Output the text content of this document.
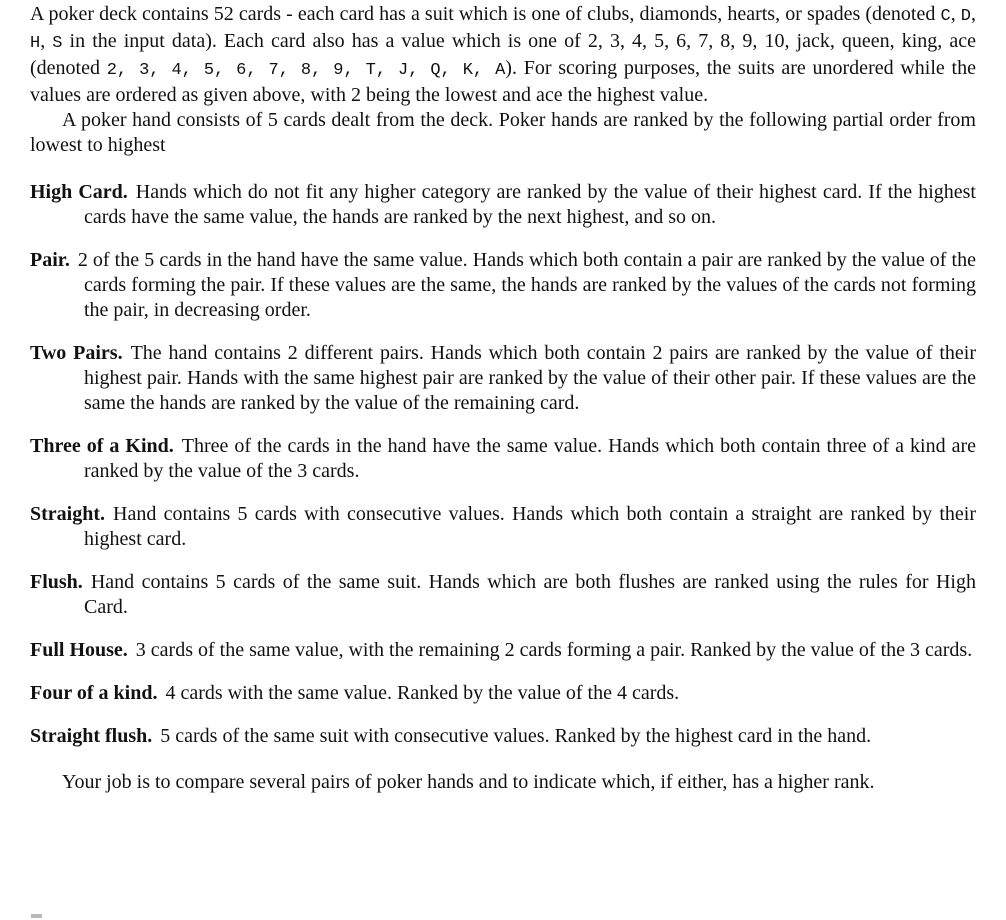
A poker deck contains 52 cards - each card has a suit which is one of clubs, diamonds, hearts, or spades (denoted C, D, H, S in the input data). Each card also has a value which is one of 2, 3, 4, 5, 6, 7, 8, 9, 10, jack, queen, king, ace (denoted 2, 3, 4, 5, 6, 7, 8, 9, T, J, Q, K, A). For scoring purposes, the suits are unordered while the values are ordered as given above, with 2 being the lowest and ace the highest value.

A poker hand consists of 5 cards dealt from the deck. Poker hands are ranked by the following partial order from lowest to highest

High Card. Hands which do not fit any higher category are ranked by the value of their highest card. If the highest cards have the same value, the hands are ranked by the next highest, and so on.
Pair. 2 of the 5 cards in the hand have the same value. Hands which both contain a pair are ranked by the value of the cards forming the pair. If these values are the same, the hands are ranked by the values of the cards not forming the pair, in decreasing order.
Two Pairs. The hand contains 2 different pairs. Hands which both contain 2 pairs are ranked by the value of their highest pair. Hands with the same highest pair are ranked by the value of their other pair. If these values are the same the hands are ranked by the value of the remaining card.
Three of a Kind. Three of the cards in the hand have the same value. Hands which both contain three of a kind are ranked by the value of the 3 cards.
Straight. Hand contains 5 cards with consecutive values. Hands which both contain a straight are ranked by their highest card.
Flush. Hand contains 5 cards of the same suit. Hands which are both flushes are ranked using the rules for High Card.
Full House. 3 cards of the same value, with the remaining 2 cards forming a pair. Ranked by the value of the 3 cards.
Four of a kind. 4 cards with the same value. Ranked by the value of the 4 cards.
Straight flush. 5 cards of the same suit with consecutive values. Ranked by the highest card in the hand.

Your job is to compare several pairs of poker hands and to indicate which, if either, has a higher rank.
